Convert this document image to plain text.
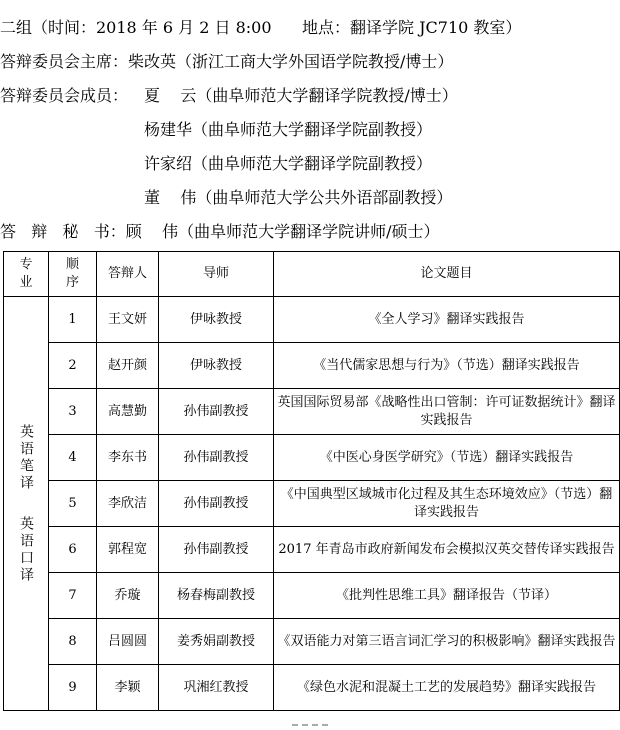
二组（时间：2018 年 6 月 2 日 8:00      地点：翻译学院 JC710 教室）
答辩委员会主席：柴改英（浙江工商大学外国语学院教授/博士）
答辩委员会成员： 夏    云（曲阜师范大学翻译学院教授/博士）
杨建华（曲阜师范大学翻译学院副教授）
许家绍（曲阜师范大学翻译学院副教授）
董    伟（曲阜师范大学公共外语部副教授）
答   辩   秘   书：顾    伟（曲阜师范大学翻译学院讲师/硕士）
专业	顺序	答辩人	导师	论文题目
英语笔译英语口译	1	王文妍	伊咏教授	《全人学习》翻译实践报告
	2	赵开颜	伊咏教授	《当代儒家思想与行为》（节选）翻译实践报告
	3	高慧勤	孙伟副教授	英国国际贸易部《战略性出口管制：许可证数据统计》翻译实践报告
	4	李东书	孙伟副教授	《中医心身医学研究》（节选）翻译实践报告
	5	李欣洁	孙伟副教授	《中国典型区域城市化过程及其生态环境效应》（节选）翻译实践报告
	6	郭程宽	孙伟副教授	2017 年青岛市政府新闻发布会模拟汉英交替传译实践报告
	7	乔璇	杨春梅副教授	《批判性思维工具》翻译报告（节译）
	8	吕圆圆	姜秀娟副教授	《双语能力对第三语言词汇学习的积极影响》翻译实践报告
	9	李颖	巩湘红教授	《绿色水泥和混凝土工艺的发展趋势》翻译实践报告
